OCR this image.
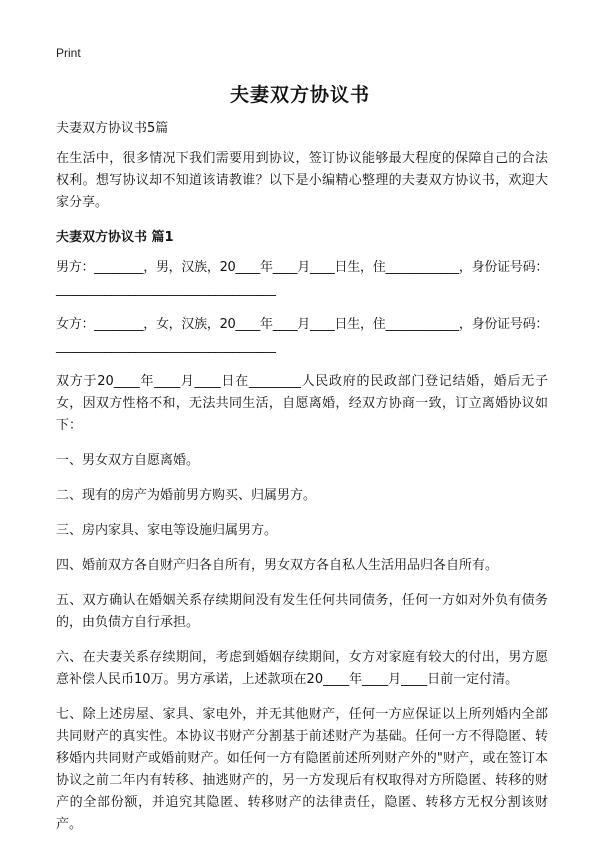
Print
夫妻双方协议书

夫妻双方协议书5篇

在生活中，很多情况下我们需要用到协议，签订协议能够最大程度的保障自己的合法权利。想写协议却不知道该请教谁？以下是小编精心整理的夫妻双方协议书，欢迎大家分享。

夫妻双方协议书 篇1

男方：________，男，汉族，20____年____月____日生，住____________，身份证号码：____________________________________

女方：________，女，汉族，20____年____月____日生，住____________，身份证号码：____________________________________

双方于20____年____月____日在________人民政府的民政部门登记结婚，婚后无子女，因双方性格不和，无法共同生活，自愿离婚，经双方协商一致，订立离婚协议如下：

一、男女双方自愿离婚。

二、现有的房产为婚前男方购买、归属男方。

三、房内家具、家电等设施归属男方。

四、婚前双方各自财产归各自所有，男女双方各自私人生活用品归各自所有。

五、双方确认在婚姻关系存续期间没有发生任何共同债务，任何一方如对外负有债务的，由负债方自行承担。

六、在夫妻关系存续期间，考虑到婚姻存续期间，女方对家庭有较大的付出，男方愿意补偿人民币10万。男方承诺，上述款项在20____年____月____日前一定付清。

七、除上述房屋、家具、家电外，并无其他财产，任何一方应保证以上所列婚内全部共同财产的真实性。本协议书财产分割基于前述财产为基础。任何一方不得隐匿、转移婚内共同财产或婚前财产。如任何一方有隐匿前述所列财产外的"财产，或在签订本协议之前二年内有转移、抽逃财产的，另一方发现后有权取得对方所隐匿、转移的财产的全部份额，并追究其隐匿、转移财产的法律责任，隐匿、转移方无权分割该财产。
